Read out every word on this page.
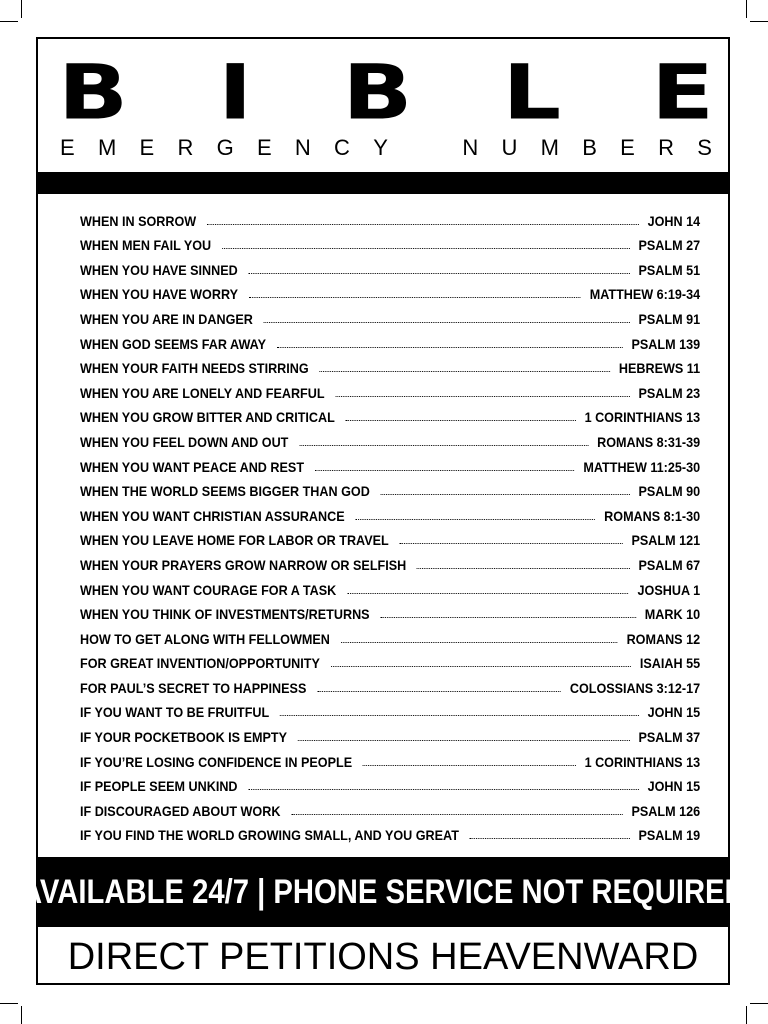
B I B L E
E M E R G E N C Y	N U M B E R S
WHEN IN SORROW	JOHN 14
WHEN MEN FAIL YOU	PSALM 27
WHEN YOU HAVE SINNED	PSALM 51
WHEN YOU HAVE WORRY	MATTHEW 6:19-34
WHEN YOU ARE IN DANGER	PSALM 91
WHEN GOD SEEMS FAR AWAY	PSALM 139
WHEN YOUR FAITH NEEDS STIRRING	HEBREWS 11
WHEN YOU ARE LONELY AND FEARFUL	PSALM 23
WHEN YOU GROW BITTER AND CRITICAL	1 CORINTHIANS 13
WHEN YOU FEEL DOWN AND OUT	ROMANS 8:31-39
WHEN YOU WANT PEACE AND REST	MATTHEW 11:25-30
WHEN THE WORLD SEEMS BIGGER THAN GOD	PSALM 90
WHEN YOU WANT CHRISTIAN ASSURANCE	ROMANS 8:1-30
WHEN YOU LEAVE HOME FOR LABOR OR TRAVEL	PSALM 121
WHEN YOUR PRAYERS GROW NARROW OR SELFISH	PSALM 67
WHEN YOU WANT COURAGE FOR A TASK	JOSHUA 1
WHEN YOU THINK OF INVESTMENTS/RETURNS	MARK 10
HOW TO GET ALONG WITH FELLOWMEN	ROMANS 12
FOR GREAT INVENTION/OPPORTUNITY	ISAIAH 55
FOR PAUL’S SECRET TO HAPPINESS	COLOSSIANS 3:12-17
IF YOU WANT TO BE FRUITFUL	JOHN 15
IF YOUR POCKETBOOK IS EMPTY	PSALM 37
IF YOU’RE LOSING CONFIDENCE IN PEOPLE	1 CORINTHIANS 13
IF PEOPLE SEEM UNKIND	JOHN 15
IF DISCOURAGED ABOUT WORK	PSALM 126
IF YOU FIND THE WORLD GROWING SMALL, AND YOU GREAT	PSALM 19
AVAILABLE 24/7 | PHONE SERVICE NOT REQUIRED
DIRECT PETITIONS HEAVENWARD
